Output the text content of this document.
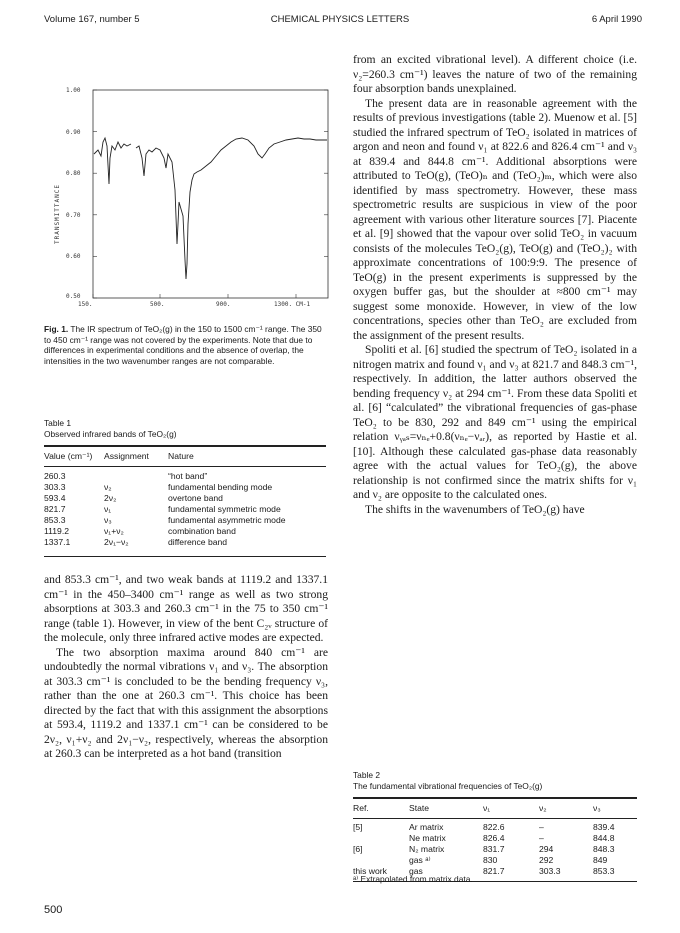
Volume 167, number 5	CHEMICAL PHYSICS LETTERS	6 April 1990
1.00
0.90
0.80
0.70
0.60
0.50
150.	500.	900.	1300. CM-1
TRANSMITTANCE
Fig. 1. The IR spectrum of TeO₂(g) in the 150 to 1500 cm⁻¹ range. The 350 to 450 cm⁻¹ range was not covered by the experiments. Note that due to differences in experimental conditions and the absence of overlap, the intensities in the two wavenumber ranges are not comparable.
Table 1
Observed infrared bands of TeO₂(g)
Value (cm⁻¹)	Assignment	Nature
260.3		“hot band”
303.3	ν₂	fundamental bending mode
593.4	2ν₂	overtone band
821.7	ν₁	fundamental symmetric mode
853.3	ν₃	fundamental asymmetric mode
1119.2	ν₁+ν₂	combination band
1337.1	2ν₁−ν₂	difference band

and 853.3 cm⁻¹, and two weak bands at 1119.2 and 1337.1 cm⁻¹ in the 450–3400 cm⁻¹ range as well as two strong absorptions at 303.3 and 260.3 cm⁻¹ in the 75 to 350 cm⁻¹ range (table 1). However, in view of the bent C₂ᵥ structure of the molecule, only three infrared active modes are expected.

The two absorption maxima around 840 cm⁻¹ are undoubtedly the normal vibrations ν₁ and ν₃. The absorption at 303.3 cm⁻¹ is concluded to be the bending frequency ν₃, rather than the one at 260.3 cm⁻¹. This choice has been directed by the fact that with this assignment the absorptions at 593.4, 1119.2 and 1337.1 cm⁻¹ can be considered to be 2ν₂, ν₁+ν₂ and 2ν₁−ν₂, respectively, whereas the absorption at 260.3 can be interpreted as a hot band (transition

from an excited vibrational level). A different choice (i.e. ν₂=260.3 cm⁻¹) leaves the nature of two of the remaining four absorption bands unexplained.

The present data are in reasonable agreement with the results of previous investigations (table 2). Muenow et al. [5] studied the infrared spectrum of TeO₂ isolated in matrices of argon and neon and found ν₁ at 822.6 and 826.4 cm⁻¹ and ν₃ at 839.4 and 844.8 cm⁻¹. Additional absorptions were attributed to TeO(g), (TeO)ₙ and (TeO₂)ₘ, which were also identified by mass spectrometry. However, these mass spectrometric results are suspicious in view of the poor agreement with various other literature sources [7]. Piacente et al. [9] showed that the vapour over solid TeO₂ in vacuum consists of the molecules TeO₂(g), TeO(g) and (TeO₂)₂ with approximate concentrations of 100:9:9. The presence of TeO(g) in the present experiments is suppressed by the oxygen buffer gas, but the shoulder at ≈800 cm⁻¹ may suggest some monoxide. However, in view of the low concentrations, species other than TeO₂ are excluded from the assignment of the present results.

Spoliti et al. [6] studied the spectrum of TeO₂ isolated in a nitrogen matrix and found ν₁ and ν₃ at 821.7 and 848.3 cm⁻¹, respectively. In addition, the latter authors observed the bending frequency ν₂ at 294 cm⁻¹. From these data Spoliti et al. [6] “calculated” the vibrational frequencies of gas-phase TeO₂ to be 830, 292 and 849 cm⁻¹ using the empirical relation νᵧₐₛ=νₙₑ+0.8(νₙₑ−νₐᵣ), as reported by Hastie et al. [10]. Although these calculated gas-phase data reasonably agree with the actual values for TeO₂(g), the above relationship is not confirmed since the matrix shifts for ν₁ and ν₂ are opposite to the calculated ones.

The shifts in the wavenumbers of TeO₂(g) have

Table 2
The fundamental vibrational frequencies of TeO₂(g)
Ref.	State	ν₁	ν₂	ν₃
[5]	Ar matrix	822.6	–	839.4
	Ne matrix	826.4	–	844.8
[6]	N₂ matrix	831.7	294	848.3
	gas ᵃ⁾	830	292	849
this work	gas	821.7	303.3	853.3

ᵃ⁾ Extrapolated from matrix data.
500
